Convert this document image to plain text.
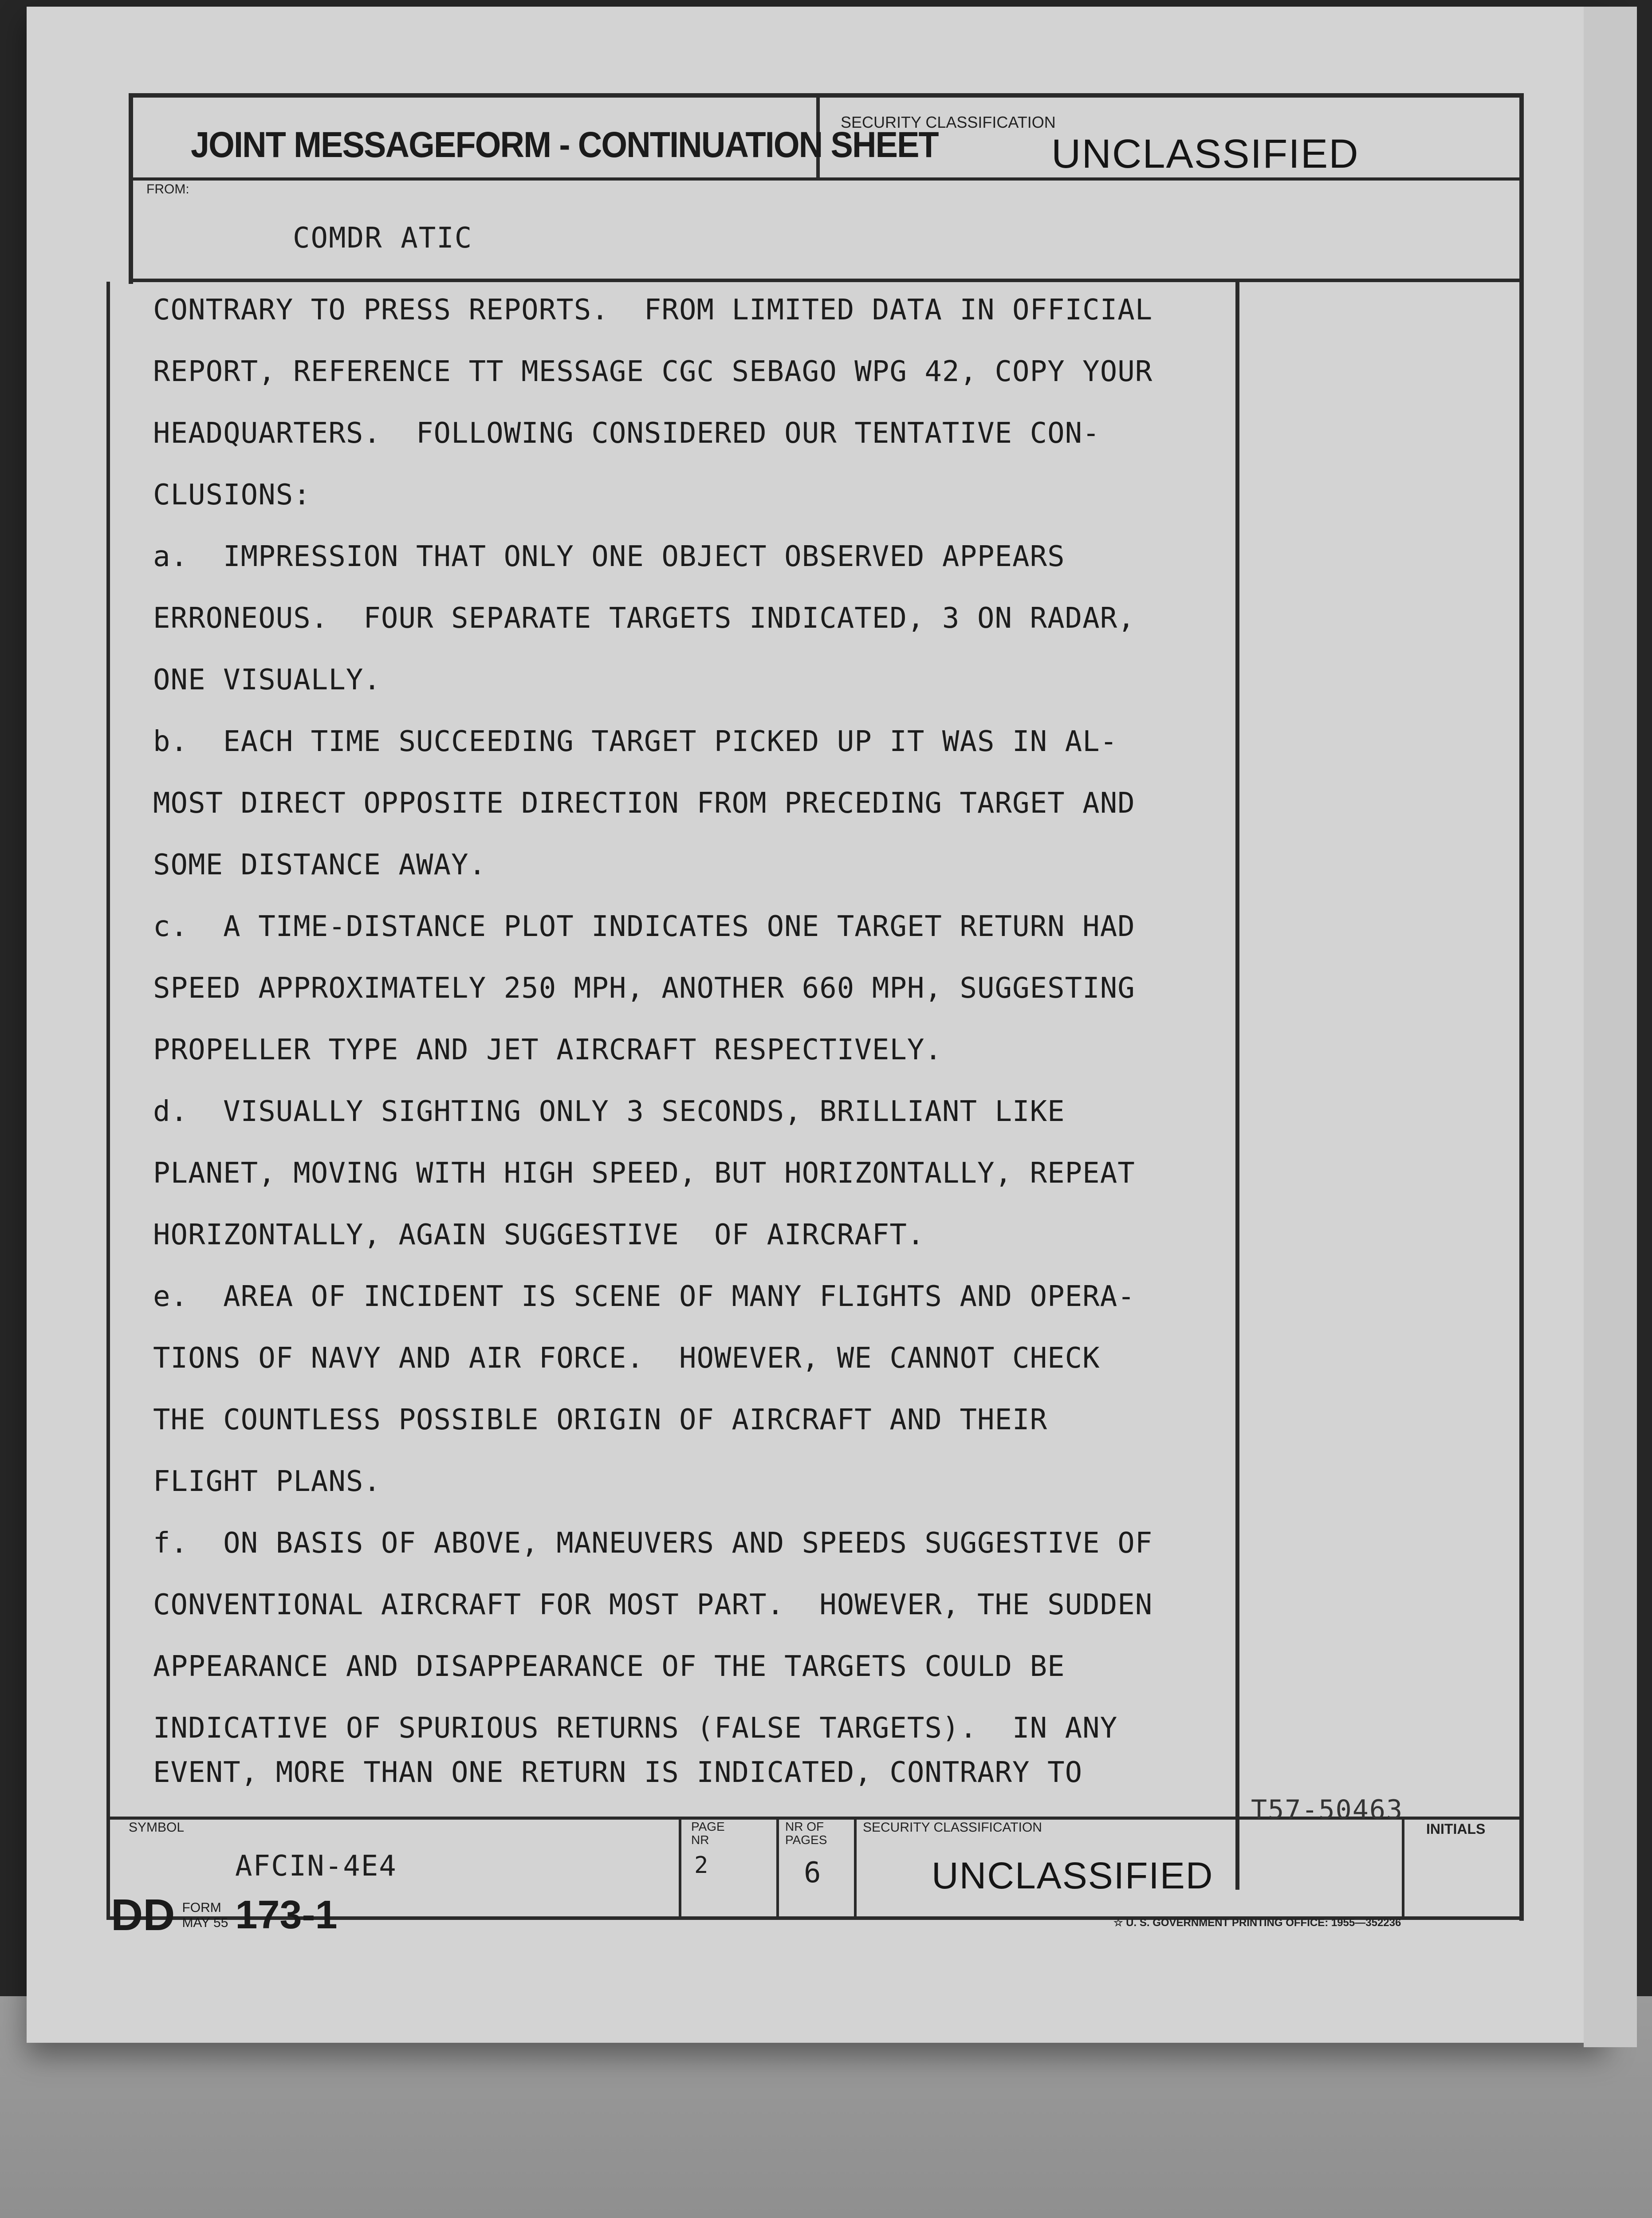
JOINT MESSAGEFORM - CONTINUATION SHEET
SECURITY CLASSIFICATION
UNCLASSIFIED
FROM:
COMDR ATIC
CONTRARY TO PRESS REPORTS.  FROM LIMITED DATA IN OFFICIAL
REPORT, REFERENCE TT MESSAGE CGC SEBAGO WPG 42, COPY YOUR
HEADQUARTERS.  FOLLOWING CONSIDERED OUR TENTATIVE CON-
CLUSIONS:
a.  IMPRESSION THAT ONLY ONE OBJECT OBSERVED APPEARS
ERRONEOUS.  FOUR SEPARATE TARGETS INDICATED, 3 ON RADAR,
ONE VISUALLY.
b.  EACH TIME SUCCEEDING TARGET PICKED UP IT WAS IN AL-
MOST DIRECT OPPOSITE DIRECTION FROM PRECEDING TARGET AND
SOME DISTANCE AWAY.
c.  A TIME-DISTANCE PLOT INDICATES ONE TARGET RETURN HAD
SPEED APPROXIMATELY 250 MPH, ANOTHER 660 MPH, SUGGESTING
PROPELLER TYPE AND JET AIRCRAFT RESPECTIVELY.
d.  VISUALLY SIGHTING ONLY 3 SECONDS, BRILLIANT LIKE
PLANET, MOVING WITH HIGH SPEED, BUT HORIZONTALLY, REPEAT
HORIZONTALLY, AGAIN SUGGESTIVE  OF AIRCRAFT.
e.  AREA OF INCIDENT IS SCENE OF MANY FLIGHTS AND OPERA-
TIONS OF NAVY AND AIR FORCE.  HOWEVER, WE CANNOT CHECK
THE COUNTLESS POSSIBLE ORIGIN OF AIRCRAFT AND THEIR
FLIGHT PLANS.
f.  ON BASIS OF ABOVE, MANEUVERS AND SPEEDS SUGGESTIVE OF
CONVENTIONAL AIRCRAFT FOR MOST PART.  HOWEVER, THE SUDDEN
APPEARANCE AND DISAPPEARANCE OF THE TARGETS COULD BE
INDICATIVE OF SPURIOUS RETURNS (FALSE TARGETS).  IN ANY
EVENT, MORE THAN ONE RETURN IS INDICATED, CONTRARY TO
T57-50463
SYMBOL
AFCIN-4E4
PAGE NR
2
NR OF PAGES
6
SECURITY CLASSIFICATION
UNCLASSIFIED
INITIALS
DD FORM
MAY 55 173-1	☆ U. S. GOVERNMENT PRINTING OFFICE: 1955—352236
